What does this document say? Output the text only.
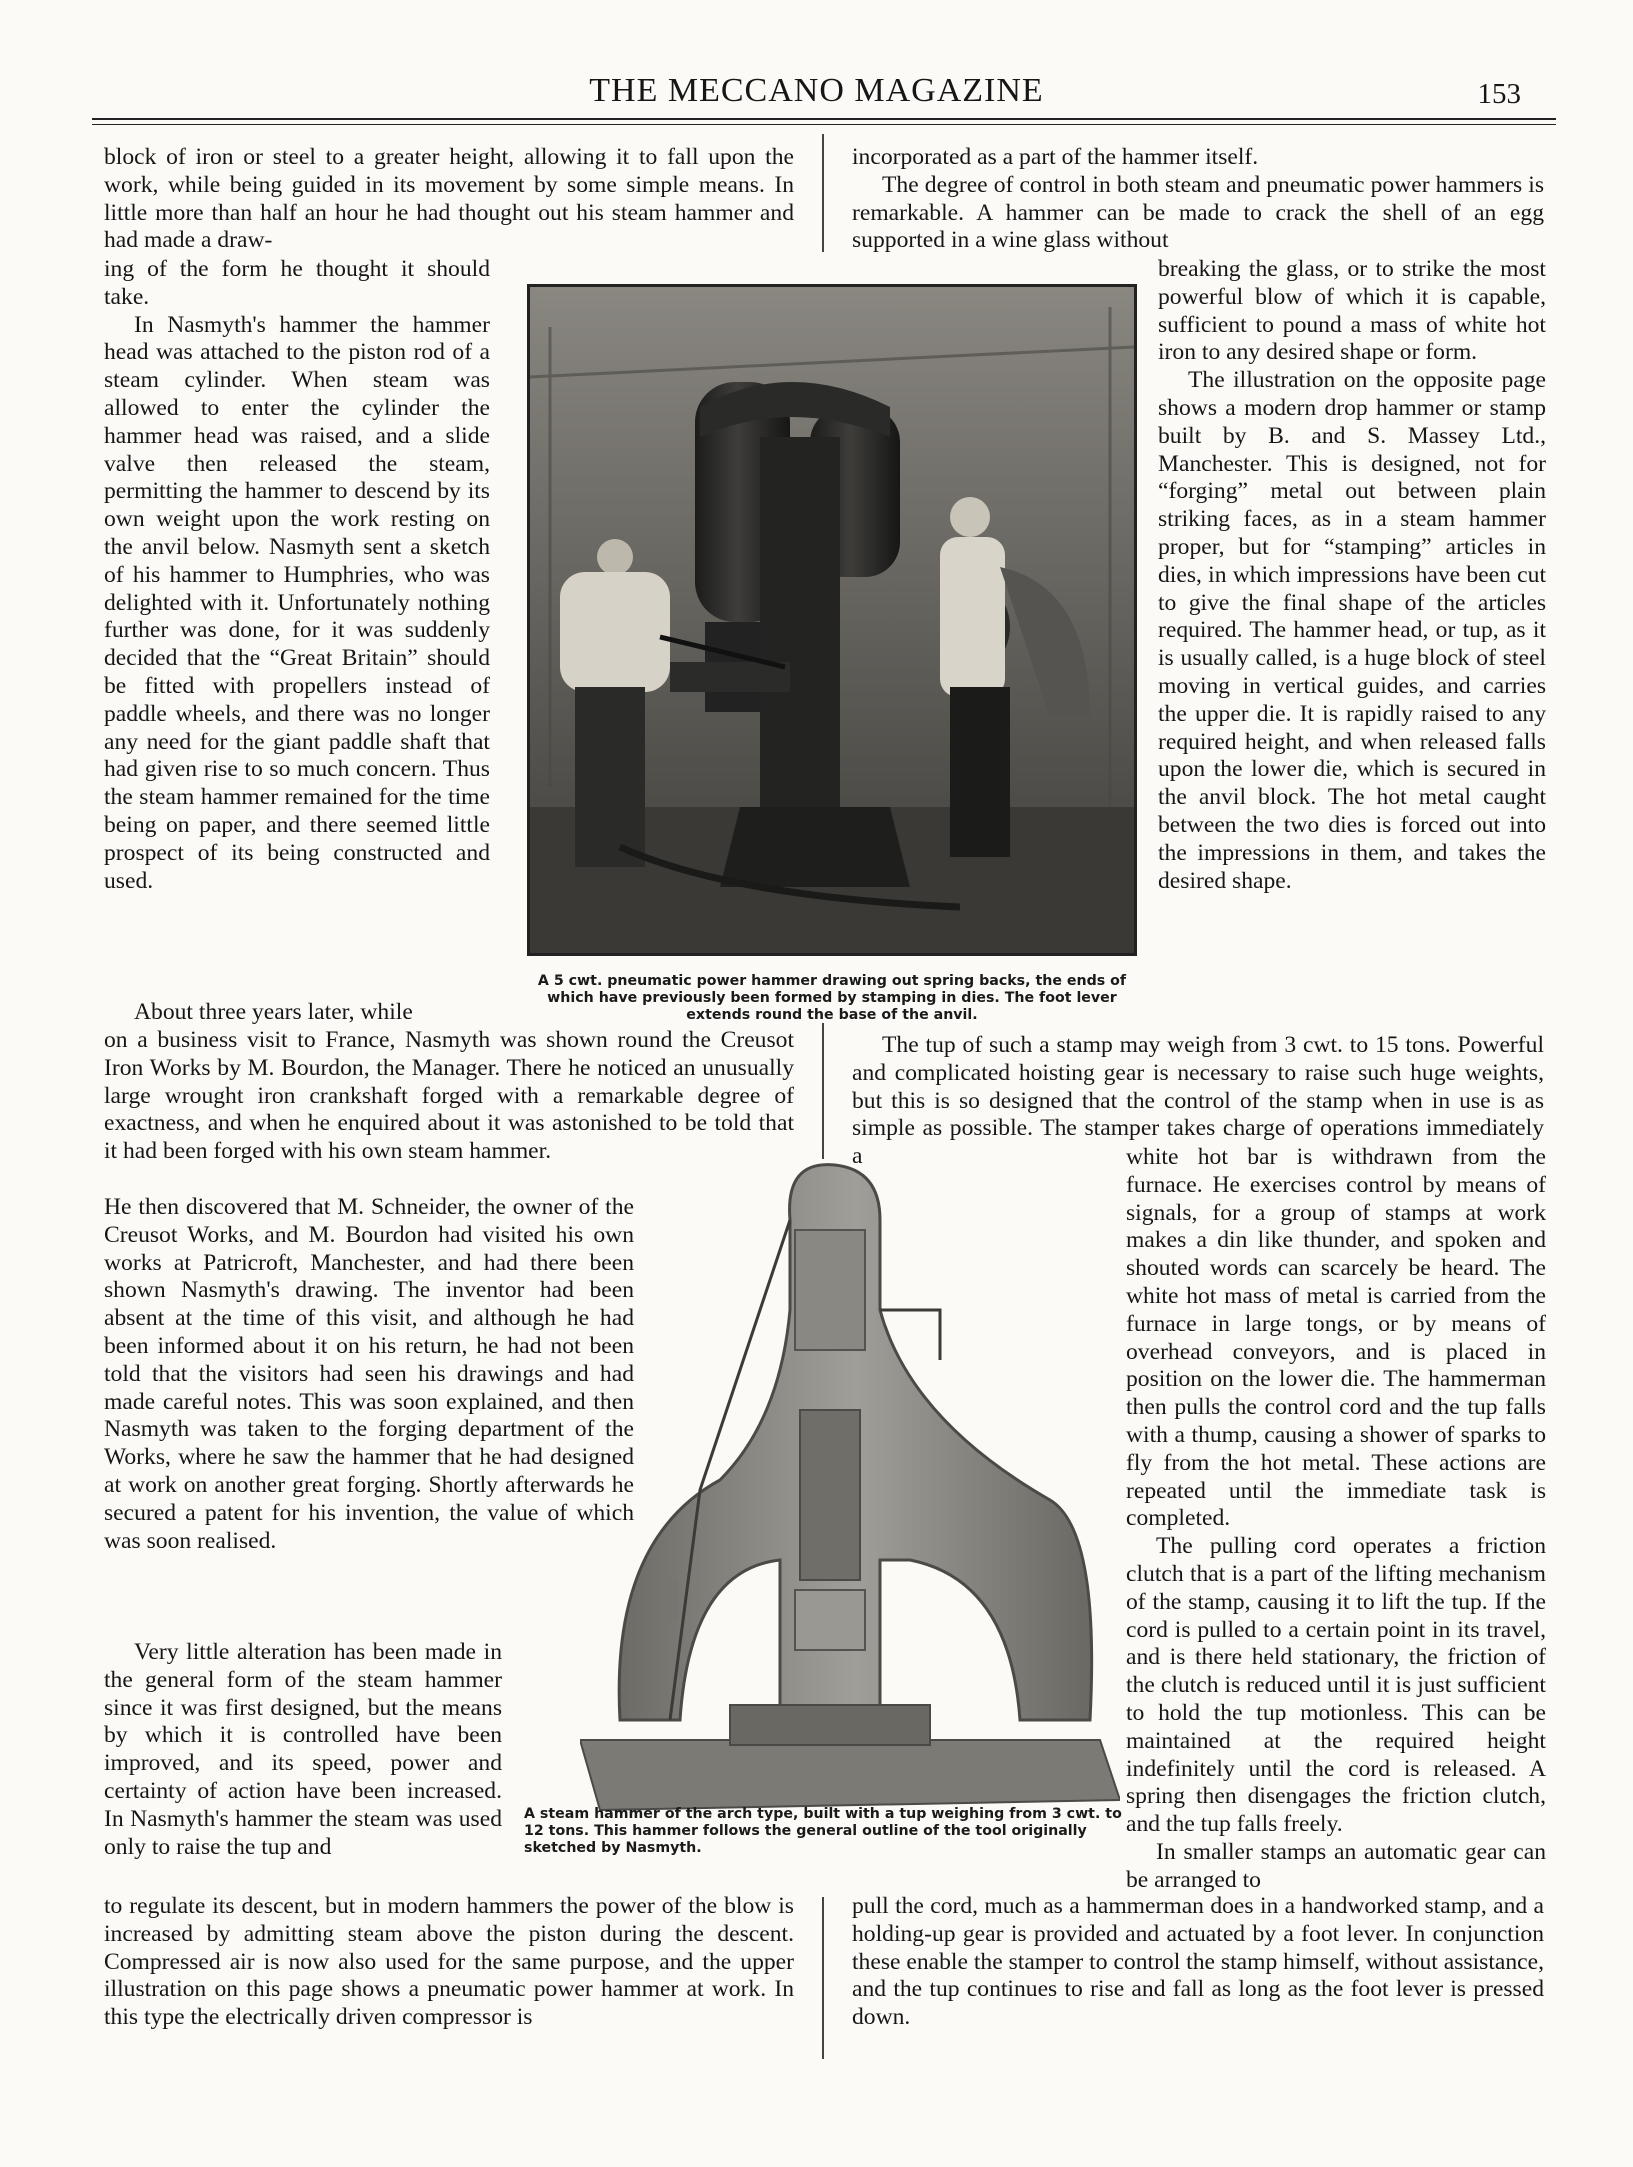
THE MECCANO MAGAZINE	153

block of iron or steel to a greater height, allowing it to fall upon the work, while being guided in its movement by some simple means. In little more than half an hour he had thought out his steam hammer and had made a draw-

ing of the form he thought it should take.

In Nasmyth's hammer the hammer head was attached to the piston rod of a steam cylinder. When steam was allowed to enter the cylinder the hammer head was raised, and a slide valve then released the steam, permitting the hammer to descend by its own weight upon the work resting on the anvil below. Nasmyth sent a sketch of his hammer to Humphries, who was delighted with it. Unfortunately nothing further was done, for it was suddenly decided that the “Great Britain” should be fitted with propellers instead of paddle wheels, and there was no longer any need for the giant paddle shaft that had given rise to so much concern. Thus the steam hammer remained for the time being on paper, and there seemed little prospect of its being constructed and used.

About three years later, while

on a business visit to France, Nasmyth was shown round the Creusot Iron Works by M. Bourdon, the Manager. There he noticed an unusually large wrought iron crankshaft forged with a remarkable degree of exactness, and when he enquired about it was astonished to be told that it had been forged with his own steam hammer.

He then discovered that M. Schneider, the owner of the Creusot Works, and M. Bourdon had visited his own works at Patricroft, Manchester, and had there been shown Nasmyth's drawing. The inventor had been absent at the time of this visit, and although he had been informed about it on his return, he had not been told that the visitors had seen his drawings and had made careful notes. This was soon explained, and then Nasmyth was taken to the forging department of the Works, where he saw the hammer that he had designed at work on another great forging. Shortly afterwards he secured a patent for his invention, the value of which was soon realised.

Very little alteration has been made in the general form of the steam hammer since it was first designed, but the means by which it is controlled have been improved, and its speed, power and certainty of action have been increased. In Nasmyth's hammer the steam was used only to raise the tup and

to regulate its descent, but in modern hammers the power of the blow is increased by admitting steam above the piston during the descent. Compressed air is now also used for the same purpose, and the upper illustration on this page shows a pneumatic power hammer at work. In this type the electrically driven compressor is

incorporated as a part of the hammer itself.

The degree of control in both steam and pneumatic power hammers is remarkable. A hammer can be made to crack the shell of an egg supported in a wine glass without

breaking the glass, or to strike the most powerful blow of which it is capable, sufficient to pound a mass of white hot iron to any desired shape or form.

The illustration on the opposite page shows a modern drop hammer or stamp built by B. and S. Massey Ltd., Manchester. This is designed, not for “forging” metal out between plain striking faces, as in a steam hammer proper, but for “stamping” articles in dies, in which impressions have been cut to give the final shape of the articles required. The hammer head, or tup, as it is usually called, is a huge block of steel moving in vertical guides, and carries the upper die. It is rapidly raised to any required height, and when released falls upon the lower die, which is secured in the anvil block. The hot metal caught between the two dies is forced out into the impressions in them, and takes the desired shape.

The tup of such a stamp may weigh from 3 cwt. to 15 tons. Powerful and complicated hoisting gear is necessary to raise such huge weights, but this is so designed that the control of the stamp when in use is as simple as possible. The stamper takes charge of operations immediately a	white hot bar is withdrawn from the furnace. He exercises control by means of signals, for a group of stamps at work makes a din like thunder, and spoken and shouted words can scarcely be heard. The white hot mass of metal is carried from the furnace in large tongs, or by means of overhead conveyors, and is placed in position on the lower die. The hammerman then pulls the control cord and the tup falls with a thump, causing a shower of sparks to fly from the hot metal. These actions are repeated until the immediate task is completed.

The pulling cord operates a friction clutch that is a part of the lifting mechanism of the stamp, causing it to lift the tup. If the cord is pulled to a certain point in its travel, and is there held stationary, the friction of the clutch is reduced until it is just sufficient to hold the tup motionless. This can be maintained at the required height indefinitely until the cord is released. A spring then disengages the friction clutch, and the tup falls freely.

In smaller stamps an automatic gear can be arranged to

pull the cord, much as a hammerman does in a handworked stamp, and a holding-up gear is provided and actuated by a foot lever. In conjunction these enable the stamper to control the stamp himself, without assistance, and the tup continues to rise and fall as long as the foot lever is pressed down.

A 5 cwt. pneumatic power hammer drawing out spring backs, the ends of which have previously been formed by stamping in dies. The foot lever extends round the base of the anvil.
A steam hammer of the arch type, built with a tup weighing from 3 cwt. to 12 tons. This hammer follows the general outline of the tool originally sketched by Nasmyth.
